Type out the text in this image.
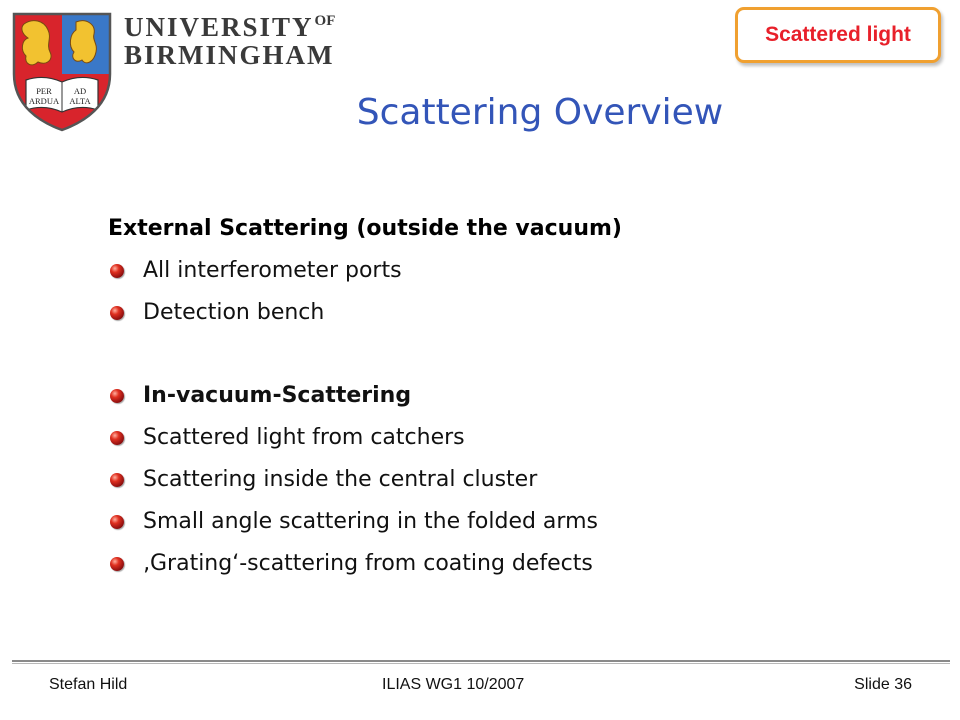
PER
ARDUA
AD
ALTA
$UNIVERSITY^{OF}$
BIRMINGHAM
Scattered light
Scattering Overview
External Scattering (outside the vacuum)
All interferometer ports
Detection bench
In-vacuum-Scattering
Scattered light from catchers
Scattering inside the central cluster
Small angle scattering in the folded arms
‚Grating‘-scattering from coating defects
Stefan Hild	ILIAS WG1 10/2007	Slide 36
